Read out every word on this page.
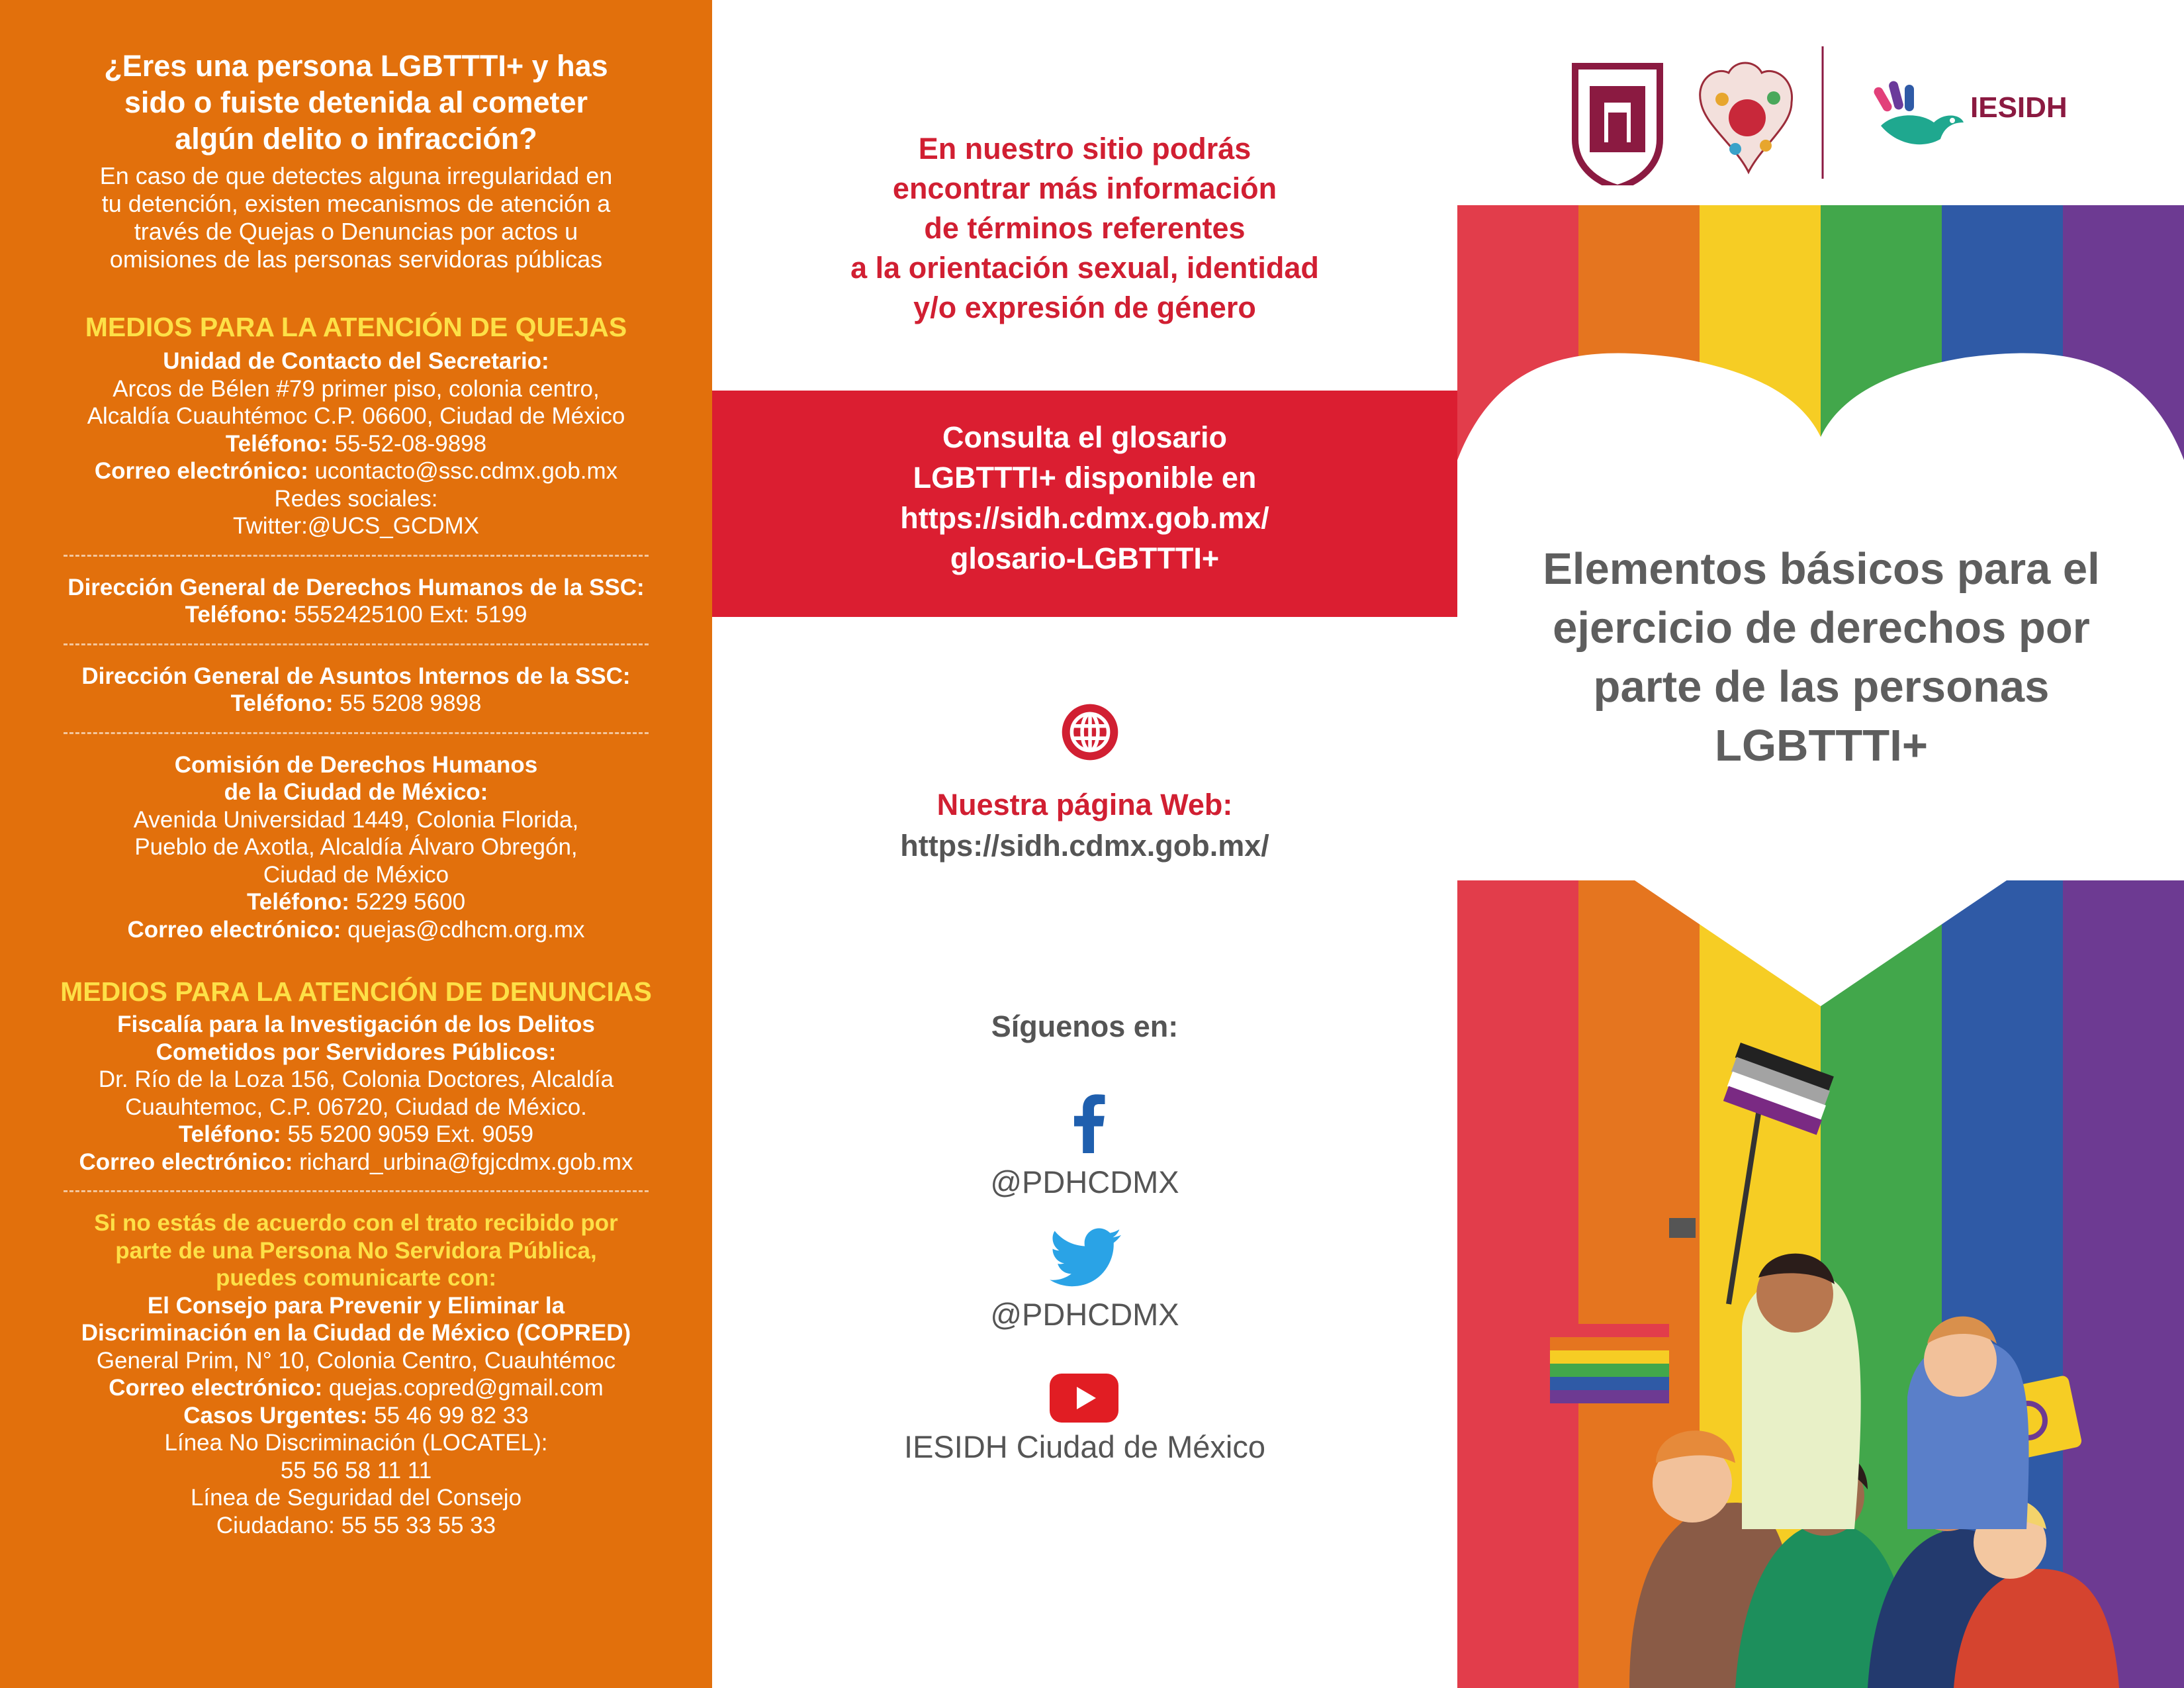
¿Eres una persona LGBTTTI+ y has
sido o fuiste detenida al cometer
algún delito o infracción?
En caso de que detectes alguna irregularidad en
tu detención, existen mecanismos de atención a
través de Quejas o Denuncias por actos u
omisiones de las personas servidoras públicas
MEDIOS PARA LA ATENCIÓN DE QUEJAS
Unidad de Contacto del Secretario:
Arcos de Bélen #79 primer piso, colonia centro,
Alcaldía Cuauhtémoc C.P. 06600, Ciudad de México
Teléfono: 55-52-08-9898
Correo electrónico: ucontacto@ssc.cdmx.gob.mx
Redes sociales:
Twitter:@UCS_GCDMX
Dirección General de Derechos Humanos de la SSC:
Teléfono: 5552425100 Ext: 5199
Dirección General de Asuntos Internos de la SSC:
Teléfono: 55 5208 9898
Comisión de Derechos Humanos
de la Ciudad de México:
Avenida Universidad 1449, Colonia Florida,
Pueblo de Axotla, Alcaldía Álvaro Obregón,
Ciudad de México
Teléfono: 5229 5600
Correo electrónico: quejas@cdhcm.org.mx
MEDIOS PARA LA ATENCIÓN DE DENUNCIAS
Fiscalía para la Investigación de los Delitos
Cometidos por Servidores Públicos:
Dr. Río de la Loza 156, Colonia Doctores, Alcaldía
Cuauhtemoc, C.P. 06720, Ciudad de México.
Teléfono: 55 5200 9059 Ext. 9059
Correo electrónico: richard_urbina@fgjcdmx.gob.mx
Si no estás de acuerdo con el trato recibido por
parte de una Persona No Servidora Pública,
puedes comunicarte con:
El Consejo para Prevenir y Eliminar la
Discriminación en la Ciudad de México (COPRED)
General Prim, N° 10, Colonia Centro, Cuauhtémoc
Correo electrónico: quejas.copred@gmail.com
Casos Urgentes: 55 46 99 82 33
Línea No Discriminación (LOCATEL):
55 56 58 11 11
Línea de Seguridad del Consejo
Ciudadano: 55 55 33 55 33
En nuestro sitio podrás
encontrar más información
de términos referentes
a la orientación sexual, identidad
y/o expresión de género
Consulta el glosario
LGBTTTI+ disponible en
https://sidh.cdmx.gob.mx/
glosario-LGBTTTI+
Nuestra página Web:
https://sidh.cdmx.gob.mx/
Síguenos en:
@PDHCDMX
@PDHCDMX
IESIDH Ciudad de México
IESIDH
Elementos básicos para el
ejercicio de derechos por
parte de las personas
LGBTTTI+
